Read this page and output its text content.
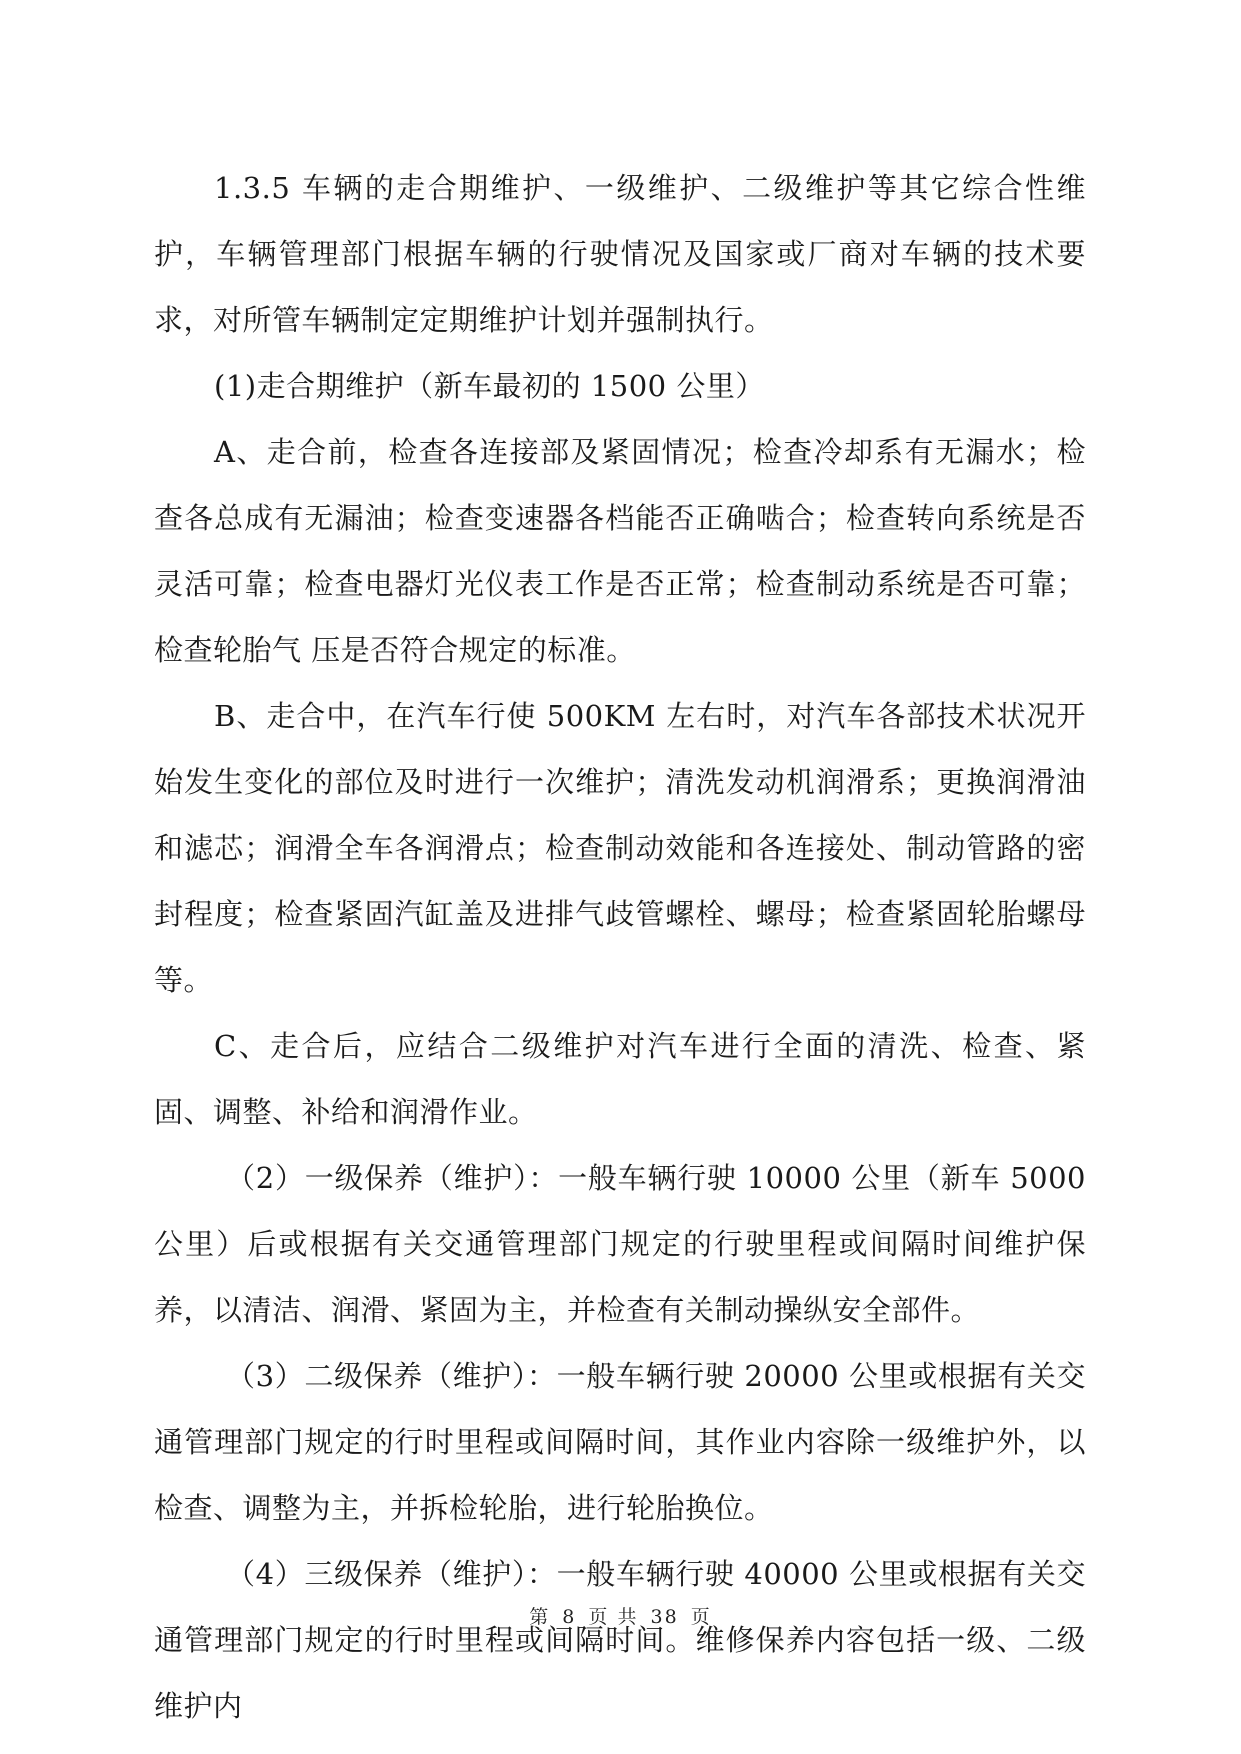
1.3.5 车辆的走合期维护、一级维护、二级维护等其它综合性维护，车辆管理部门根据车辆的行驶情况及国家或厂商对车辆的技术要求，对所管车辆制定定期维护计划并强制执行。

(1)走合期维护（新车最初的 1500 公里）

A、走合前，检查各连接部及紧固情况；检查冷却系有无漏水；检查各总成有无漏油；检查变速器各档能否正确啮合；检查转向系统是否灵活可靠；检查电器灯光仪表工作是否正常；检查制动系统是否可靠；检查轮胎气 压是否符合规定的标准。

B、走合中，在汽车行使 500KM 左右时，对汽车各部技术状况开始发生变化的部位及时进行一次维护；清洗发动机润滑系；更换润滑油和滤芯；润滑全车各润滑点；检查制动效能和各连接处、制动管路的密封程度；检查紧固汽缸盖及进排气歧管螺栓、螺母；检查紧固轮胎螺母等。

C、走合后，应结合二级维护对汽车进行全面的清洗、检查、紧固、调整、补给和润滑作业。

（2）一级保养（维护）：一般车辆行驶 10000 公里（新车 5000 公里）后或根据有关交通管理部门规定的行驶里程或间隔时间维护保养，以清洁、润滑、紧固为主，并检查有关制动操纵安全部件。

（3）二级保养（维护）：一般车辆行驶 20000 公里或根据有关交通管理部门规定的行时里程或间隔时间，其作业内容除一级维护外，以检查、调整为主，并拆检轮胎，进行轮胎换位。

（4）三级保养（维护）：一般车辆行驶 40000 公里或根据有关交通管理部门规定的行时里程或间隔时间。维修保养内容包括一级、二级维护内

第 8 页 共 38 页
